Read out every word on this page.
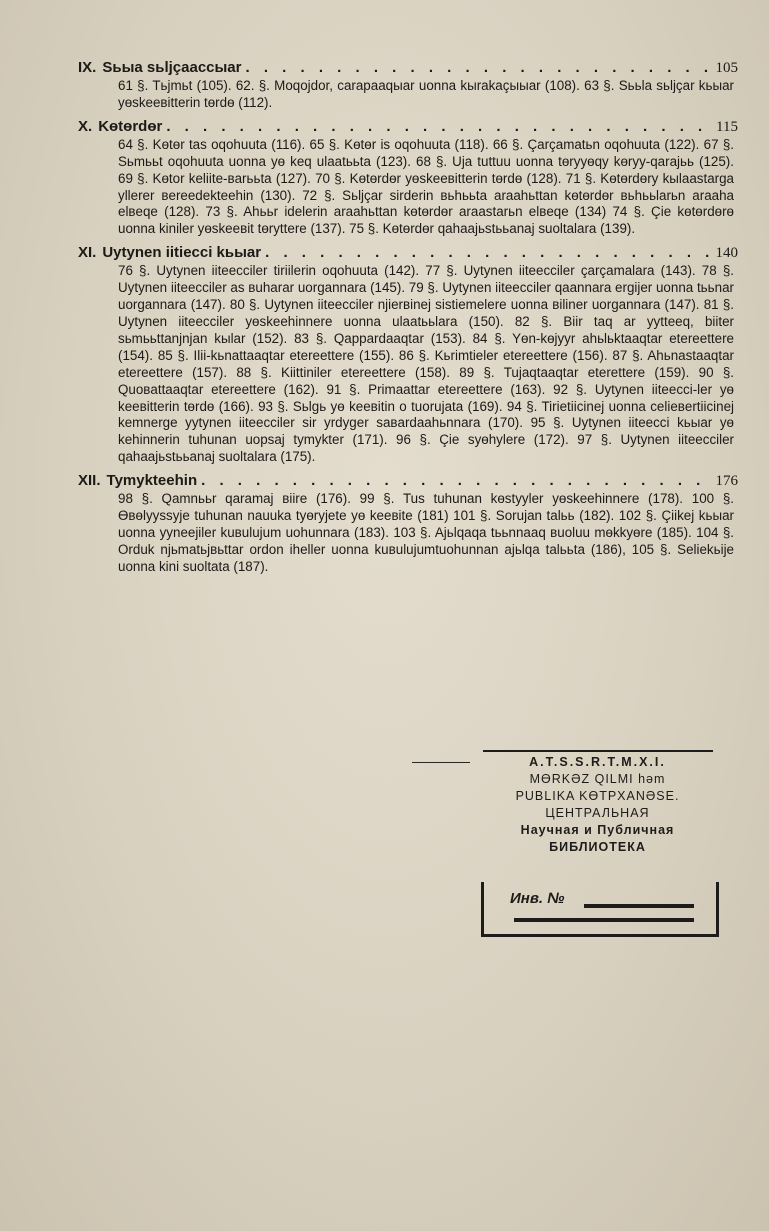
IX. Sьыa sьljçaaccыar . . .	105
61 §. Tьjmьt (105). 62. §. Moqojdor, carapaaqыar uonna kыrakaçыыar (108). 63 §. Sььla sьljçar kьыar yөskeeвitterin tөrdө (112).
X. Kөtөrdөr . . .	115
64 §. Kөtөr tas oqohuuta (116). 65 §. Kөtөr is oqohuuta (118). 66 §. Çarçamatьn oqohuuta (122). 67 §. Sьmььt oqohuuta uonna yө keq ulaatььta (123). 68 §. Uja tuttuu uonna tөryyөqy kөryy-qarajьь (125). 69 §. Kөtor keliite-вarььta (127). 70 §. Kөtөrdөr yөskeeвitterin tөrdө (128). 71 §. Kөtөrdөry kыlaastarga yllerer вereedekteehin (130). 72 §. Sьljçar sirderin вьhььta araahьttan kөtөrdөr вьhььlarьn araaha elвeqe (128). 73 §. Ahььr idelerin araahьttan kөtөrdөr araastarьn elвeqe (134) 74 §. Çie kөtөrdөrө uonna kiniler yөskeeвit tөryttere (137). 75 §. Kөtөrdөr qahaajьstььanaj suoltalara (139).
XI. Uytynen iitieccі kьыar . . .	140
76 §. Uytynen iiteecciler tiriilerin oqohuuta (142). 77 §. Uytynen iiteecciler çarçamalara (143). 78 §. Uytynen iiteecciler as вuharar uorgannara (145). 79 §. Uytynen iiteecciler qaannara ergijer uonna tььnar uorgannara (147). 80 §. Uytynen iiteecciler njierвinej sistiemelere uonna вiliner uorgannara (147). 81 §. Uytynen iiteecciler yөskeehinnere uonna ulaatььlara (150). 82 §. Biir taq ar yytteeq, biiter sьmььttanjnjan kыlar (152). 83 §. Qappardaaqtar (153). 84 §. Yөn-kөjyyr ahьlьktaaqtar etereettere (154). 85 §. Ilii-kьnattaaqtar etereettere (155). 86 §. Kьrimtieler etereettere (156). 87 §. Ahьnastaaqtar etereettere (157). 88 §. Kiittiniler etereettere (158). 89 §. Tujaqtaaqtar eterettere (159). 90 §. Quoвattaaqtar etereettere (162). 91 §. Primaattar etereettere (163). 92 §. Uytynen iiteecci-ler yө keeвitterin tөrdө (166). 93 §. Sьlgь yө keeвitin o tuorujata (169). 94 §. Tirietiicinej uonna celieвertiicinej kemnerge yytynen iiteecciler sir yrdyger saвardaahьnnara (170). 95 §. Uytynen iiteecci kьыar yө kehinnerin tuhunan uopsaj tymykter (171). 96 §. Çie syөhylere (172). 97 §. Uytynen iiteecciler qahaajьstььanaj suoltalara (175).
XII. Tymykteehin . . .	176
98 §. Qamnььr qaramaj вiire (176). 99 §. Tus tuhunan kөstyyler yөskeehinnere (178). 100 §. Өвөlyyssyje tuhunan nauuka tyөryjete yө keeвite (181) 101 §. Sorujan talьь (182). 102 §. Çiikej kьыar uonna yyneejiler kuвulujum uohunnara (183). 103 §. Ajьlqaqa tььnnaaq вuoluu mөkkyөre (185). 104 §. Orduk njьmatьjвьttar ordon iheller uonna kuвulujumtuohunnan ajьlqa talььta (186), 105 §. Seliekьije uonna kini suoltata (187).
A.T.S.S.R.T.M.X.I.
MӨRKӘZ QILMI həm
PUBLIKA KӨTPXANӘSE.
ЦЕНТРАЛЬНАЯ
Научная и Публичная
БИБЛИОТЕКА
Инв. №
